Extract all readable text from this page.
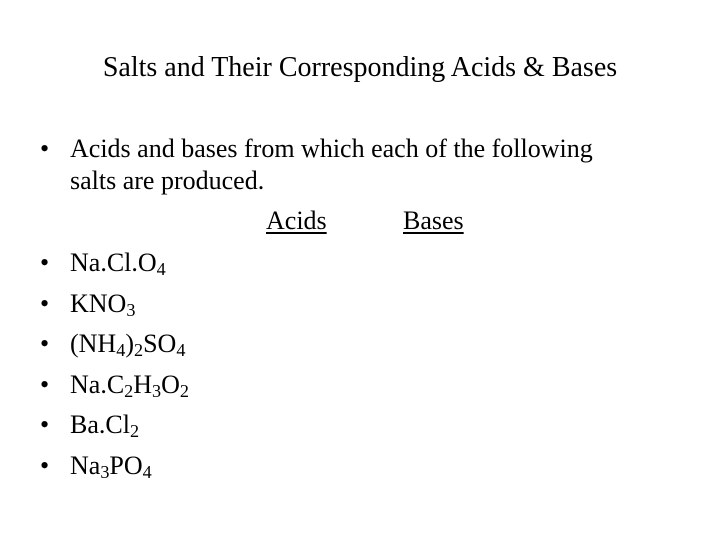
Salts and Their Corresponding Acids & Bases
• Acids and bases from which each of the following
salts are produced.
Acids	Bases
• $Na.Cl.O_4$
• $KNO_3$
• $(NH_4)_2SO_4$
• $Na.C_2H_3O_2$
• $Ba.Cl_2$
• $Na_3PO_4$
